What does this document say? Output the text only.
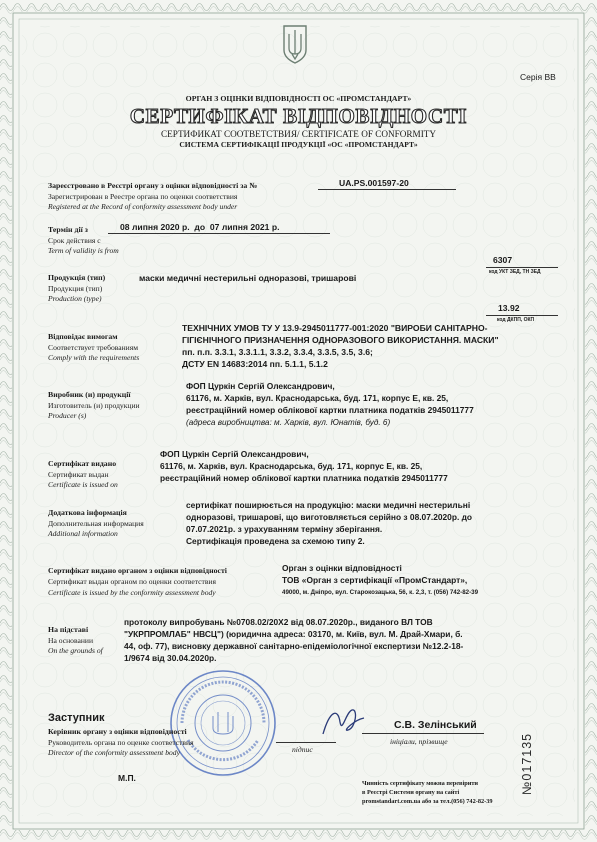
Серія ВВ
ОРГАН З ОЦІНКИ ВІДПОВІДНОСТІ ОС «ПРОМСТАНДАРТ»
СЕРТИФІКАТ ВІДПОВІДНОСТІ
СЕРТИФИКАТ СООТВЕТСТВИЯ/ CERTIFICATE OF CONFORMITY
СИСТЕМА СЕРТИФІКАЦІЇ ПРОДУКЦІЇ «ОС «ПРОМСТАНДАРТ»
Зареєстровано в Реєстрі органу з оцінки відповідності за №
Зарегистрирован в Реестре органа по оценки соответствия
Registered at the Record of conformity assessment body under
UA.PS.001597-20
Термін дії з
Срок действия с
Term of validity is from
08 липня 2020 р.  до  07 липня 2021 р.
6307
код УКТ ЗЕД, ТН ЗЕД
13.92
код ДКПП, ОКП
Продукція (тип)
Продукция (тип)
Production (type)
маски медичні нестерильні одноразові, тришарові
Відповідає вимогам
Соответствует требованиям
Comply with the requirements
ТЕХНІЧНИХ УМОВ ТУ У 13.9-2945011777-001:2020 "ВИРОБИ САНІТАРНО-
ГІГІЄНІЧНОГО ПРИЗНАЧЕННЯ ОДНОРАЗОВОГО ВИКОРИСТАННЯ. МАСКИ"
пп. п.п. 3.3.1, 3.3.1.1, 3.3.2, 3.3.4, 3.3.5, 3.5, 3.6;
ДСТУ EN 14683:2014 пп. 5.1.1, 5.1.2
Виробник (и) продукції
Изготовитель (и) продукции
Producer (s)
ФОП Цуркін Сергій Олександрович,
61176, м. Харків, вул. Краснодарська, буд. 171, корпус Е, кв. 25,
реєстраційний номер облікової картки платника податків 2945011777
(адреса виробництва: м. Харків, вул. Юнатів, буд. 6)
Сертифікат видано
Сертификат выдан
Certificate is issued on
ФОП Цуркін Сергій Олександрович,
61176, м. Харків, вул. Краснодарська, буд. 171, корпус Е, кв. 25,
реєстраційний номер облікової картки платника податків 2945011777
Додаткова інформація
Дополнительная информация
Additional information
сертифікат поширюється на продукцію: маски медичні нестерильні
одноразові, тришарові, що виготовляється серійно з 08.07.2020р. до
07.07.2021р. з урахуванням терміну зберігання.
Сертифікація проведена за схемою типу 2.
Сертифікат видано органом з оцінки відповідності
Сертификат выдан органом по оценки соответствия
Certificate is issued by the conformity assessment body
Орган з оцінки відповідності
ТОВ «Орган з сертифікації «ПромСтандарт»,
49000, м. Дніпро, вул. Старокозацька, 56, к. 2,3, т. (056) 742-82-39
На підставі
На основании
On the grounds of
протоколу випробувань №0708.02/20Х2 від 08.07.2020р., виданого ВЛ ТОВ
"УКРПРОМЛАБ" НВСЦ") (юридична адреса: 03170, м. Київ, вул. М. Драй-Хмари, б.
44, оф. 77), висновку державної санітарно-епідеміологічної експертизи №12.2-18-
1/9674 від 30.04.2020р.
Заступник
Керівник органу з оцінки відповідності
Руководитель органа по оценке соответствия
Director of the conformity assessment body	підпис
С.В. Зелінський
ініціали, прізвище
М.П.
Чинність сертифікату можна перевірити
в Реєстрі Системи органу на сайті
promstandart.com.ua або за тел.(056) 742-82-39
№017135
